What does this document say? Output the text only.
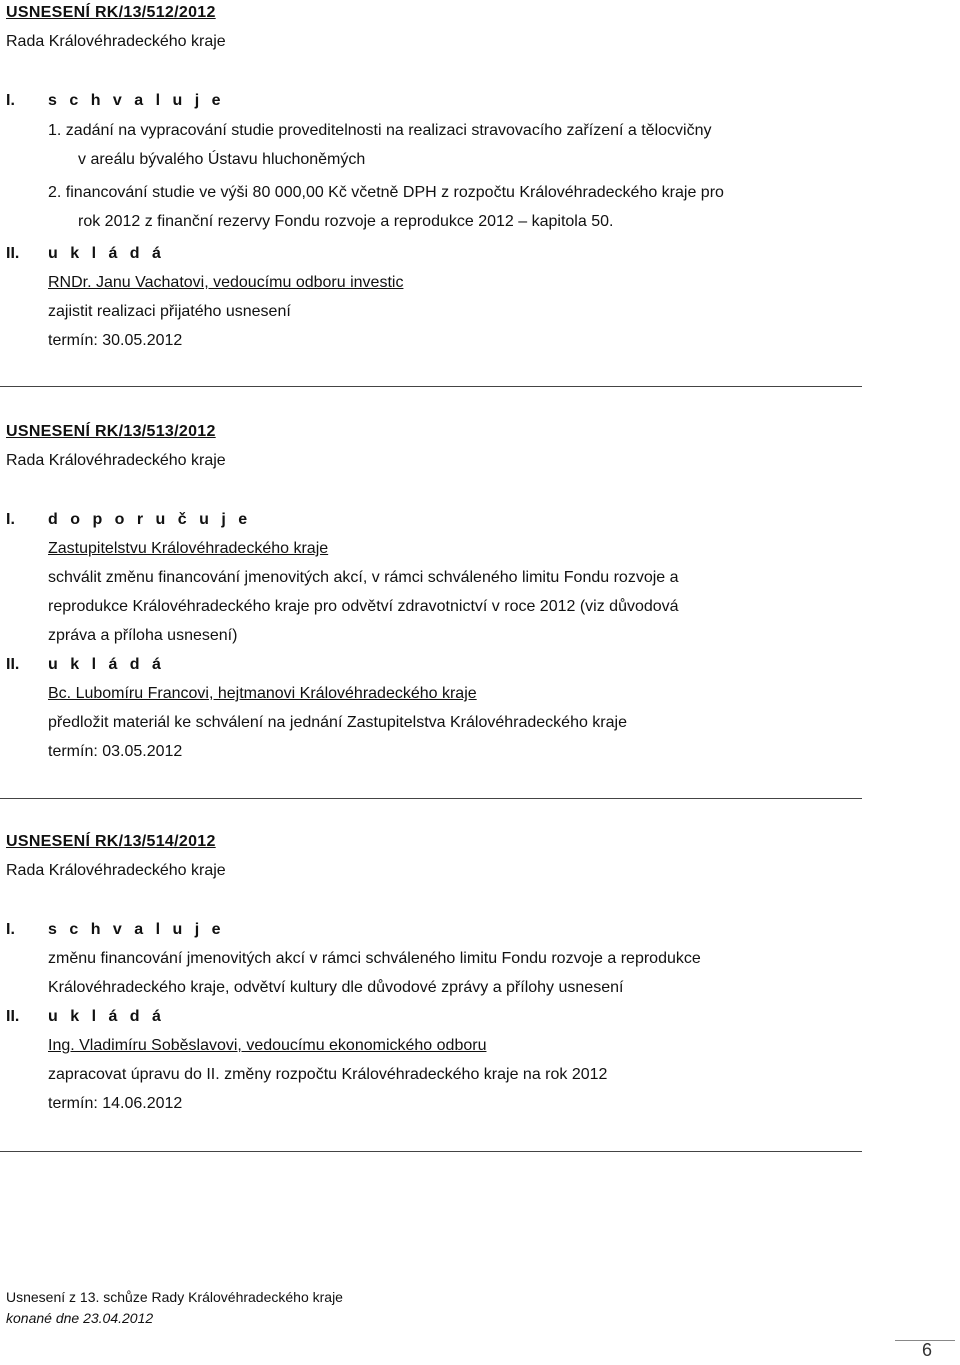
USNESENÍ RK/13/512/2012
Rada Královéhradeckého kraje
I. s c h v a l u j e
1. zadání na vypracování studie proveditelnosti na realizaci stravovacího zařízení a tělocvičny
v areálu bývalého Ústavu hluchoněmých
2. financování studie ve výši 80 000,00 Kč včetně DPH z rozpočtu Královéhradeckého kraje pro
rok 2012 z finanční rezervy Fondu rozvoje a reprodukce 2012 – kapitola 50.
II. u k l á d á
RNDr. Janu Vachatovi, vedoucímu odboru investic
zajistit realizaci přijatého usnesení
termín: 30.05.2012
USNESENÍ RK/13/513/2012
Rada Královéhradeckého kraje
I. d o p o r u č u j e
Zastupitelstvu Královéhradeckého kraje
schválit změnu financování jmenovitých akcí, v rámci schváleného limitu Fondu rozvoje a
reprodukce Královéhradeckého kraje pro odvětví zdravotnictví v roce 2012 (viz důvodová
zpráva a příloha usnesení)
II. u k l á d á
Bc. Lubomíru Francovi, hejtmanovi Královéhradeckého kraje
předložit materiál ke schválení na jednání Zastupitelstva Královéhradeckého kraje
termín: 03.05.2012
USNESENÍ RK/13/514/2012
Rada Královéhradeckého kraje
I. s c h v a l u j e
změnu financování jmenovitých akcí v rámci schváleného limitu Fondu rozvoje a reprodukce
Královéhradeckého kraje, odvětví kultury dle důvodové zprávy a přílohy usnesení
II. u k l á d á
Ing. Vladimíru Soběslavovi, vedoucímu ekonomického odboru
zapracovat úpravu do II. změny rozpočtu Královéhradeckého kraje na rok 2012
termín: 14.06.2012
Usnesení z 13. schůze Rady Královéhradeckého kraje
konané dne 23.04.2012
6
